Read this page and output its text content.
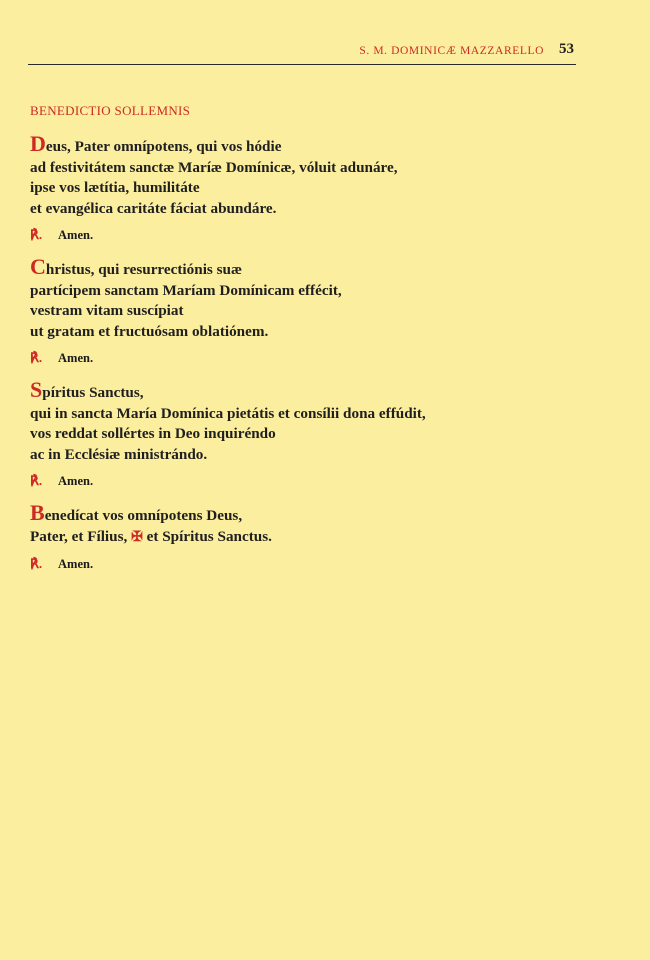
S. M. DOMINICÆ MAZZARELLO 53
BENEDICTIO SOLLEMNIS

Deus, Pater omnípotens, qui vos hódie
ad festivitátem sanctæ Maríæ Domínicæ, vóluit adunáre,
ipse vos lætítia, humilitáte
et evangélica caritáte fáciat abundáre.

℟. Amen.

Christus, qui resurrectiónis suæ
partícipem sanctam Maríam Domínicam effécit,
vestram vitam suscípiat
ut gratam et fructuósam oblatiónem.

℟. Amen.

Spíritus Sanctus,
qui in sancta María Domínica pietátis et consílii dona effúdit,
vos reddat sollértes in Deo inquiréndo
ac in Ecclésiæ ministrándo.

℟. Amen.

Benedícat vos omnípotens Deus,
Pater, et Fílius, ✠ et Spíritus Sanctus.

℟. Amen.
